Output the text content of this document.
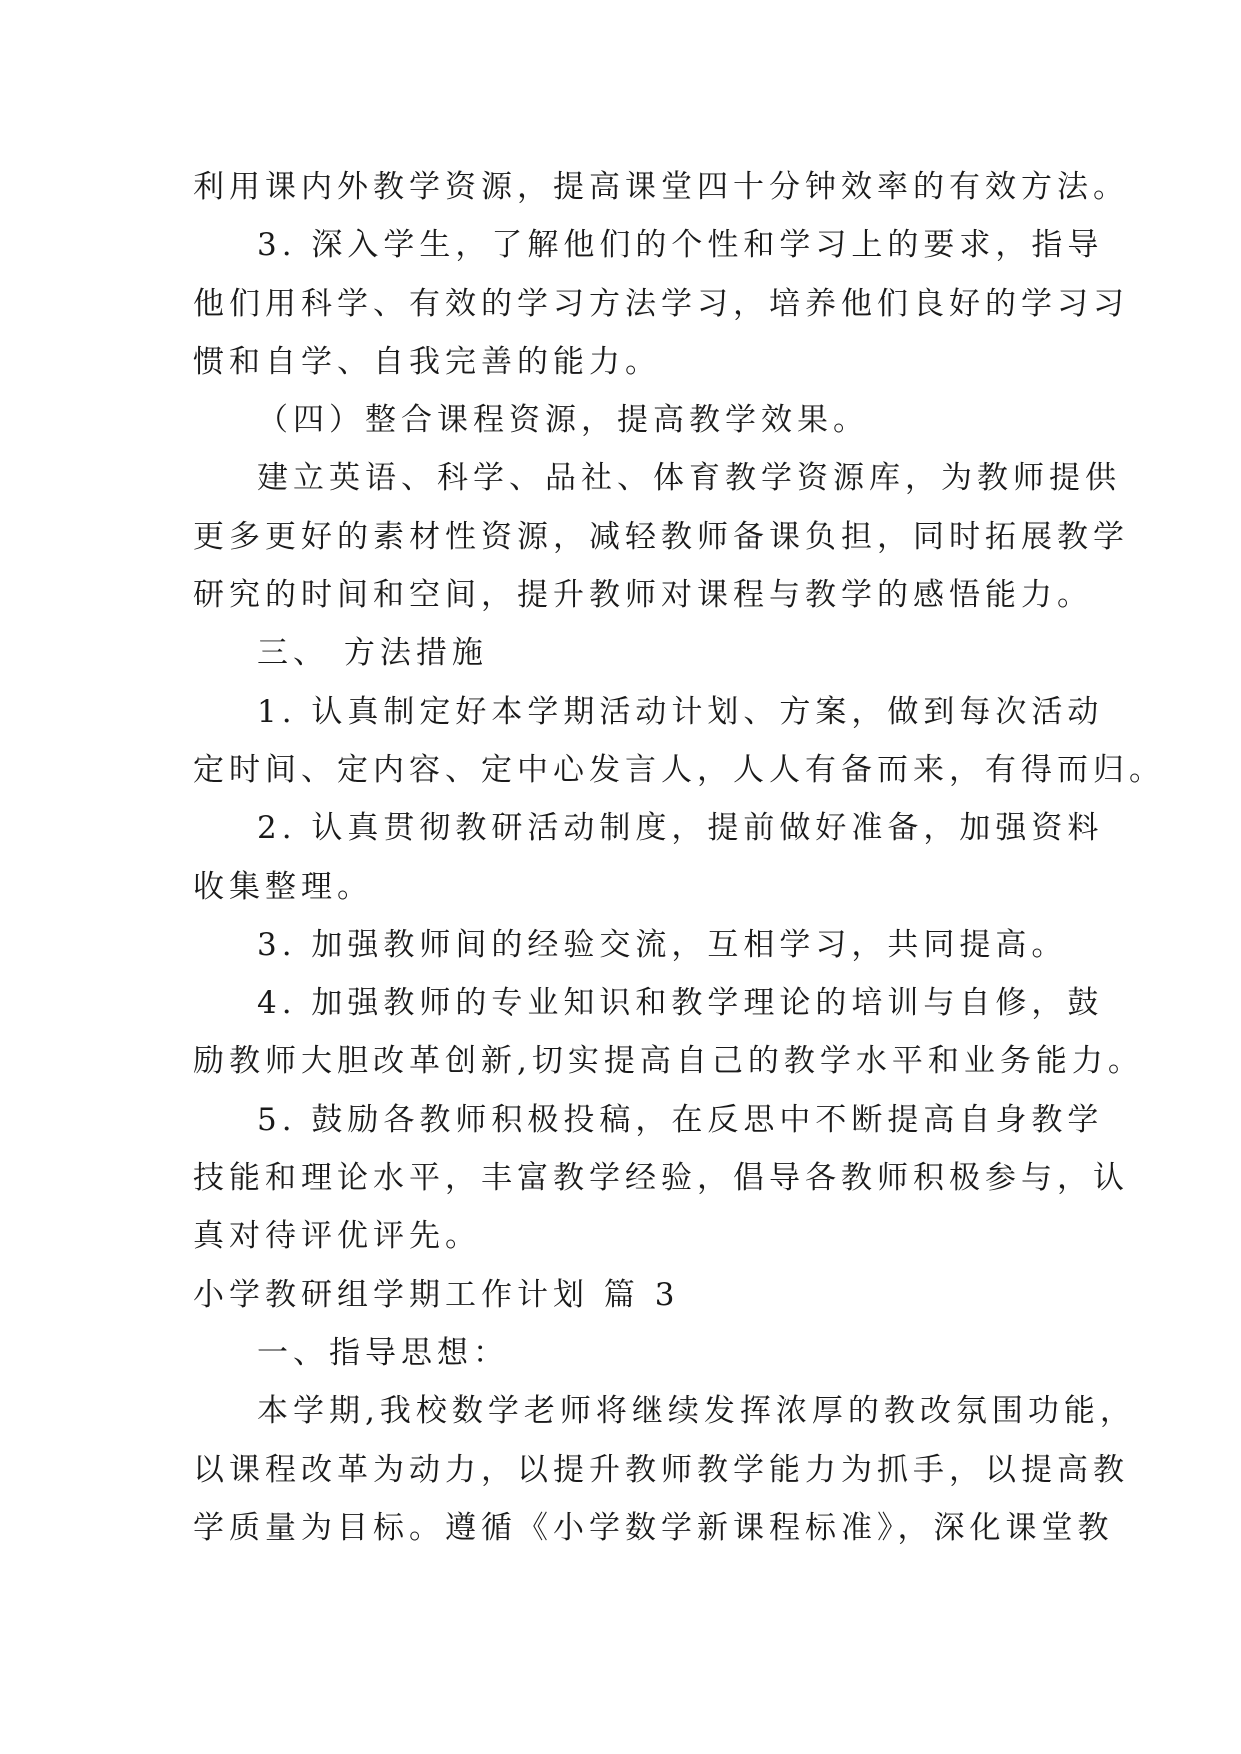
利用课内外教学资源，提高课堂四十分钟效率的有效方法。
3. 深入学生，了解他们的个性和学习上的要求，指导
他们用科学、有效的学习方法学习，培养他们良好的学习习
惯和自学、自我完善的能力。
（四）整合课程资源，提高教学效果。
建立英语、科学、品社、体育教学资源库，为教师提供
更多更好的素材性资源，减轻教师备课负担，同时拓展教学
研究的时间和空间，提升教师对课程与教学的感悟能力。
三、 方法措施
1. 认真制定好本学期活动计划、方案，做到每次活动
定时间、定内容、定中心发言人，人人有备而来，有得而归。
2. 认真贯彻教研活动制度，提前做好准备，加强资料
收集整理。
3. 加强教师间的经验交流，互相学习，共同提高。
4. 加强教师的专业知识和教学理论的培训与自修，鼓
励教师大胆改革创新,切实提高自己的教学水平和业务能力。
5. 鼓励各教师积极投稿，在反思中不断提高自身教学
技能和理论水平，丰富教学经验，倡导各教师积极参与，认
真对待评优评先。
小学教研组学期工作计划 篇 3
一、指导思想：
本学期,我校数学老师将继续发挥浓厚的教改氛围功能，
以课程改革为动力，以提升教师教学能力为抓手，以提高教
学质量为目标。遵循《小学数学新课程标准》，深化课堂教
